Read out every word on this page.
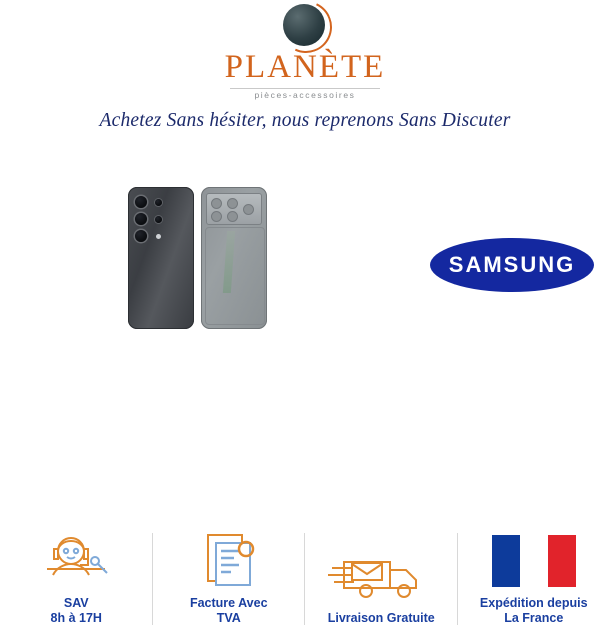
PLANÈTE
pièces-accessoires
Achetez Sans hésiter, nous reprenons Sans Discuter
SAMSUNG
SAV
8h à 17H
Facture Avec
TVA	Livraison Gratuite
Expédition depuis
La France
